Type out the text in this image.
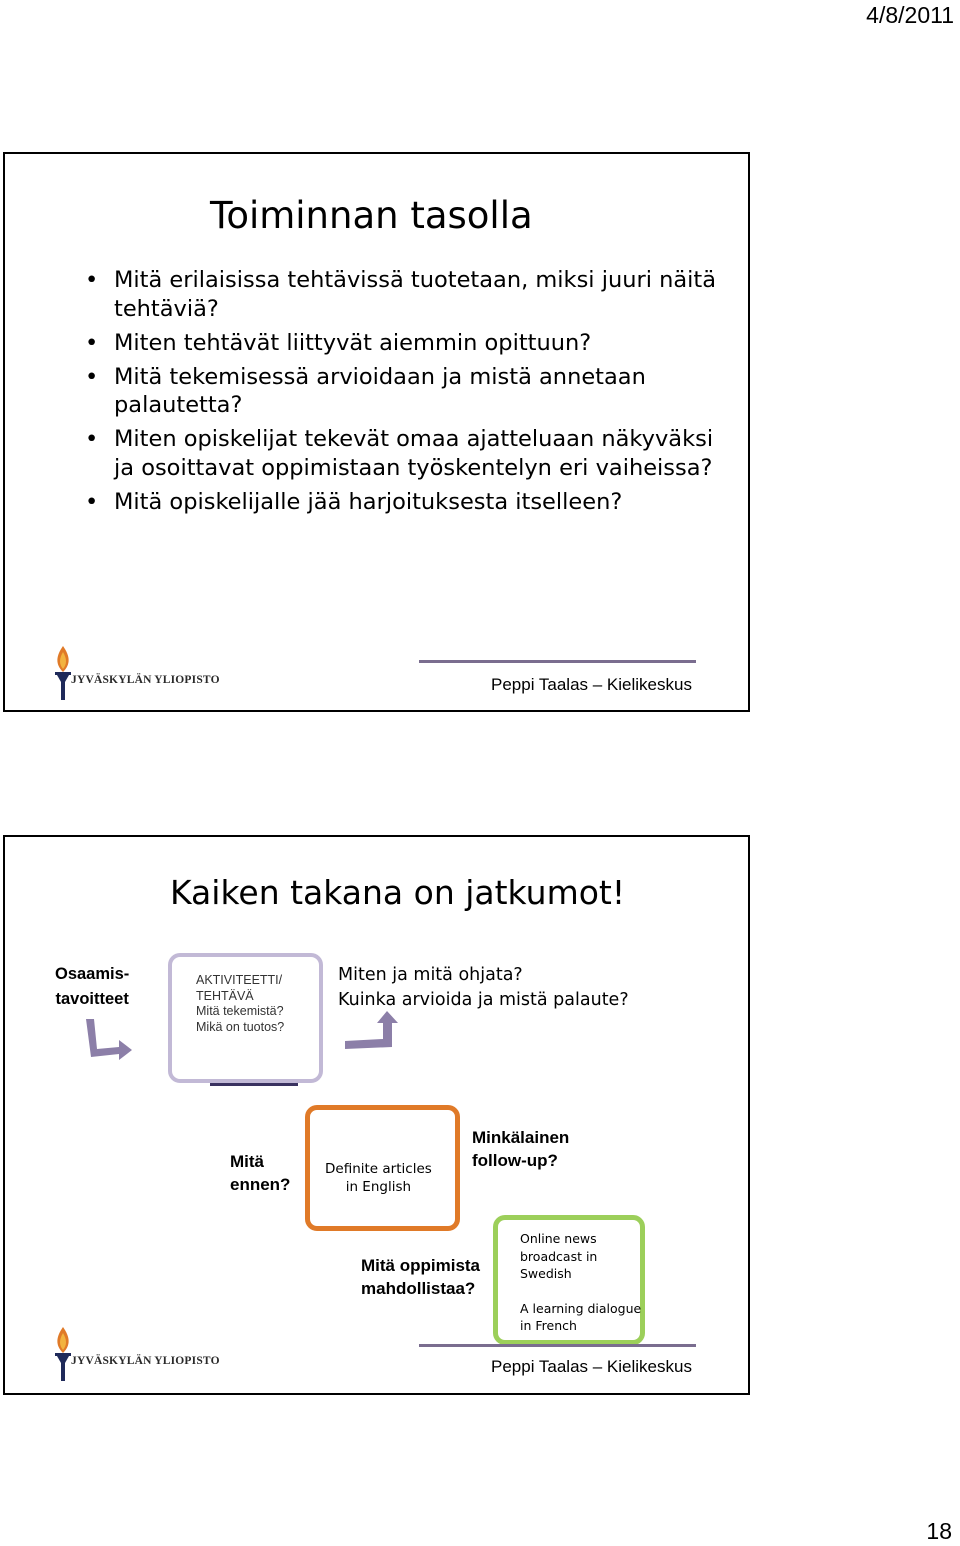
4/8/2011
Toiminnan tasolla
• Mitä erilaisissa tehtävissä tuotetaan, miksi juuri näitä tehtäviä?
• Miten tehtävät liittyvät aiemmin opittuun?
• Mitä tekemisessä arvioidaan ja mistä annetaan palautetta?
• Miten opiskelijat tekevät omaa ajatteluaan näkyväksi ja osoittavat oppimistaan työskentelyn eri vaiheissa?
• Mitä opiskelijalle jää harjoituksesta itselleen?
JYVÄSKYLÄN YLIOPISTO	Peppi Taalas – Kielikeskus
Kaiken takana on jatkumot!
Osaamis-
tavoitteet
AKTIVITEETTI/
TEHTÄVÄ
Mitä tekemistä?
Mikä on tuotos?
Miten ja mitä ohjata?
Kuinka arvioida ja mistä palaute?
Mitä
ennen?
Definite articles
in English
Minkälainen
follow-up?
Mitä oppimista
mahdollistaa?
Online news
broadcast in
Swedish
A learning dialogue
in French
JYVÄSKYLÄN YLIOPISTO	Peppi Taalas – Kielikeskus
18
